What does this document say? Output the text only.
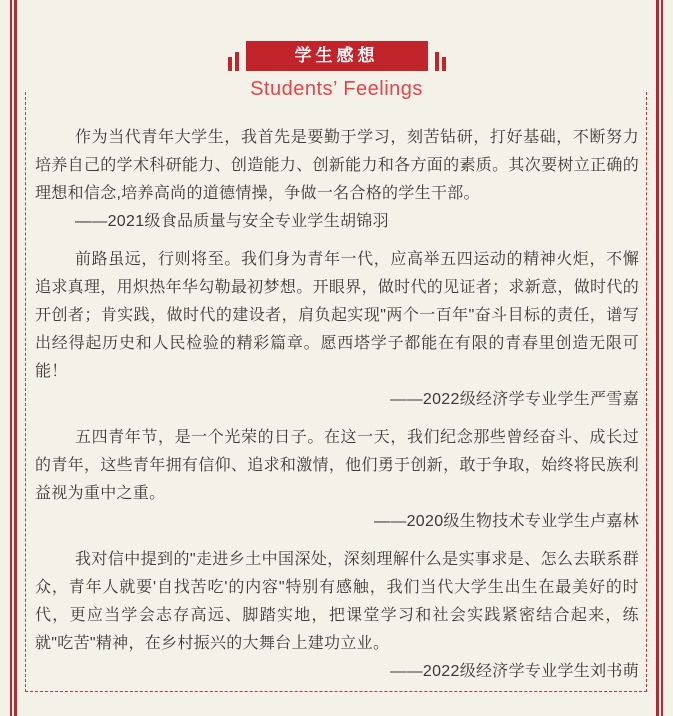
学生感想
Students’ Feelings

作为当代青年大学生，我首先是要勤于学习，刻苦钻研，打好基础，不断努力培养自己的学术科研能力、创造能力、创新能力和各方面的素质。其次要树立正确的理想和信念,培养高尚的道德情操，争做一名合格的学生干部。

——2021级食品质量与安全专业学生胡锦羽

前路虽远，行则将至。我们身为青年一代，应高举五四运动的精神火炬，不懈追求真理，用炽热年华勾勒最初梦想。开眼界，做时代的见证者；求新意，做时代的开创者；肯实践，做时代的建设者，肩负起实现"两个一百年"奋斗目标的责任，谱写出经得起历史和人民检验的精彩篇章。愿西塔学子都能在有限的青春里创造无限可能！

——2022级经济学专业学生严雪嘉

五四青年节，是一个光荣的日子。在这一天，我们纪念那些曾经奋斗、成长过的青年，这些青年拥有信仰、追求和激情，他们勇于创新，敢于争取，始终将民族利益视为重中之重。

——2020级生物技术专业学生卢嘉林

我对信中提到的"走进乡土中国深处，深刻理解什么是实事求是、怎么去联系群众，青年人就要'自找苦吃'的内容"特别有感触，我们当代大学生出生在最美好的时代，更应当学会志存高远、脚踏实地，把课堂学习和社会实践紧密结合起来，练就"吃苦"精神，在乡村振兴的大舞台上建功立业。

——2022级经济学专业学生刘书萌
